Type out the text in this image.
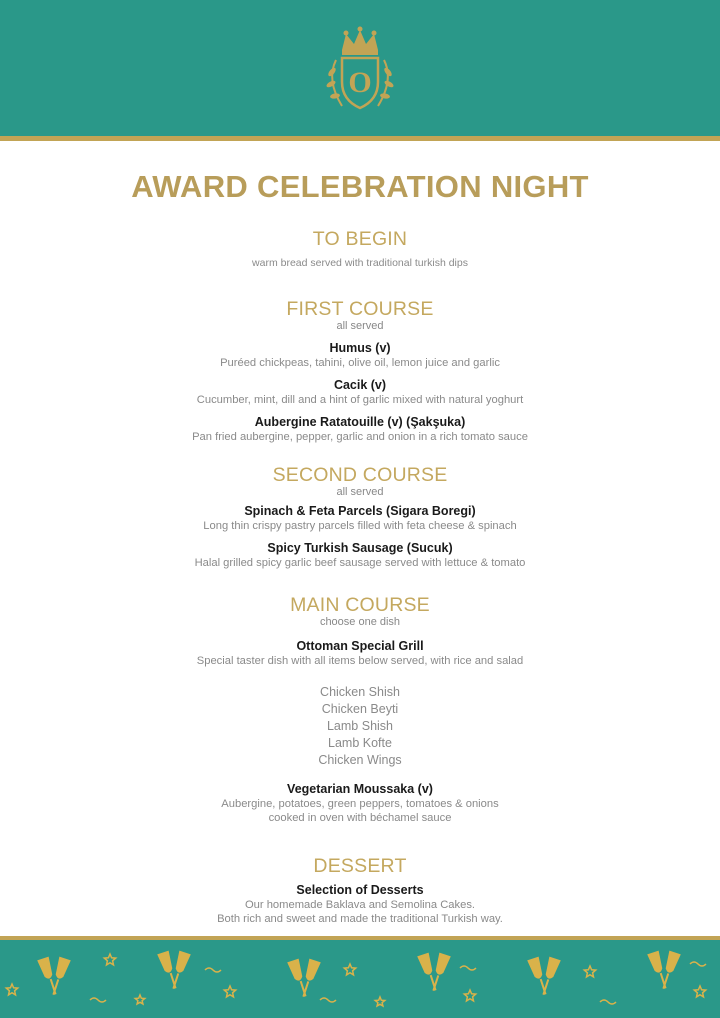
O
AWARD CELEBRATION NIGHT

TO BEGIN

warm bread served with traditional turkish dips

FIRST COURSE

all served

Humus (v)

Puréed chickpeas, tahini, olive oil, lemon juice and garlic

Cacik (v)

Cucumber, mint, dill and a hint of garlic mixed with natural yoghurt

Aubergine Ratatouille (v) (Şakşuka)

Pan fried aubergine, pepper, garlic and onion in a rich tomato sauce

SECOND COURSE

all served

Spinach & Feta Parcels (Sigara Boregi)

Long thin crispy pastry parcels filled with feta cheese & spinach

Spicy Turkish Sausage (Sucuk)

Halal grilled spicy garlic beef sausage served with lettuce & tomato

MAIN COURSE

choose one dish

Ottoman Special Grill

Special taster dish with all items below served, with rice and salad

Chicken Shish

Chicken Beyti

Lamb Shish

Lamb Kofte

Chicken Wings

Vegetarian Moussaka (v)

Aubergine, potatoes, green peppers, tomatoes & onions

cooked in oven with béchamel sauce

DESSERT

Selection of Desserts

Our homemade Baklava and Semolina Cakes.

Both rich and sweet and made the traditional Turkish way.
